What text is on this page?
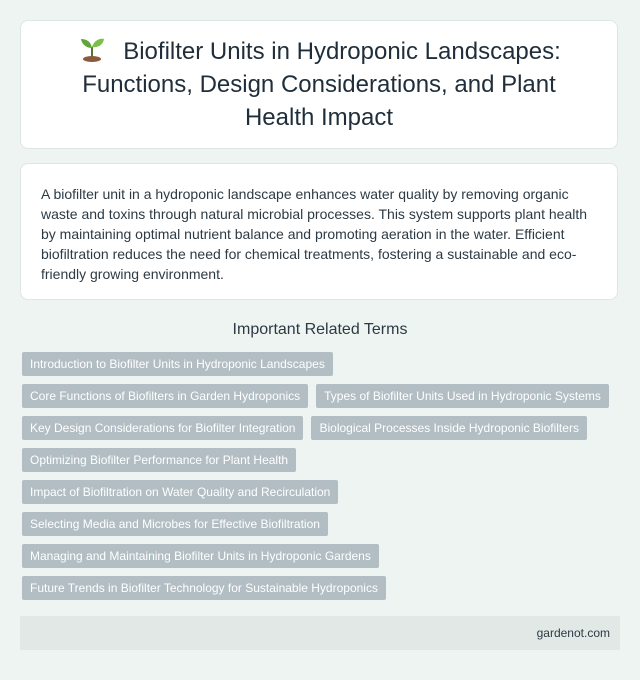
Biofilter Units in Hydroponic Landscapes: Functions, Design Considerations, and Plant Health Impact

A biofilter unit in a hydroponic landscape enhances water quality by removing organic waste and toxins through natural microbial processes. This system supports plant health by maintaining optimal nutrient balance and promoting aeration in the water. Efficient biofiltration reduces the need for chemical treatments, fostering a sustainable and eco-friendly growing environment.

Important Related Terms
Introduction to Biofilter Units in Hydroponic Landscapes
Core Functions of Biofilters in Garden Hydroponics	Types of Biofilter Units Used in Hydroponic Systems
Key Design Considerations for Biofilter Integration	Biological Processes Inside Hydroponic Biofilters
Optimizing Biofilter Performance for Plant Health
Impact of Biofiltration on Water Quality and Recirculation
Selecting Media and Microbes for Effective Biofiltration
Managing and Maintaining Biofilter Units in Hydroponic Gardens
Future Trends in Biofilter Technology for Sustainable Hydroponics
gardenot.com
